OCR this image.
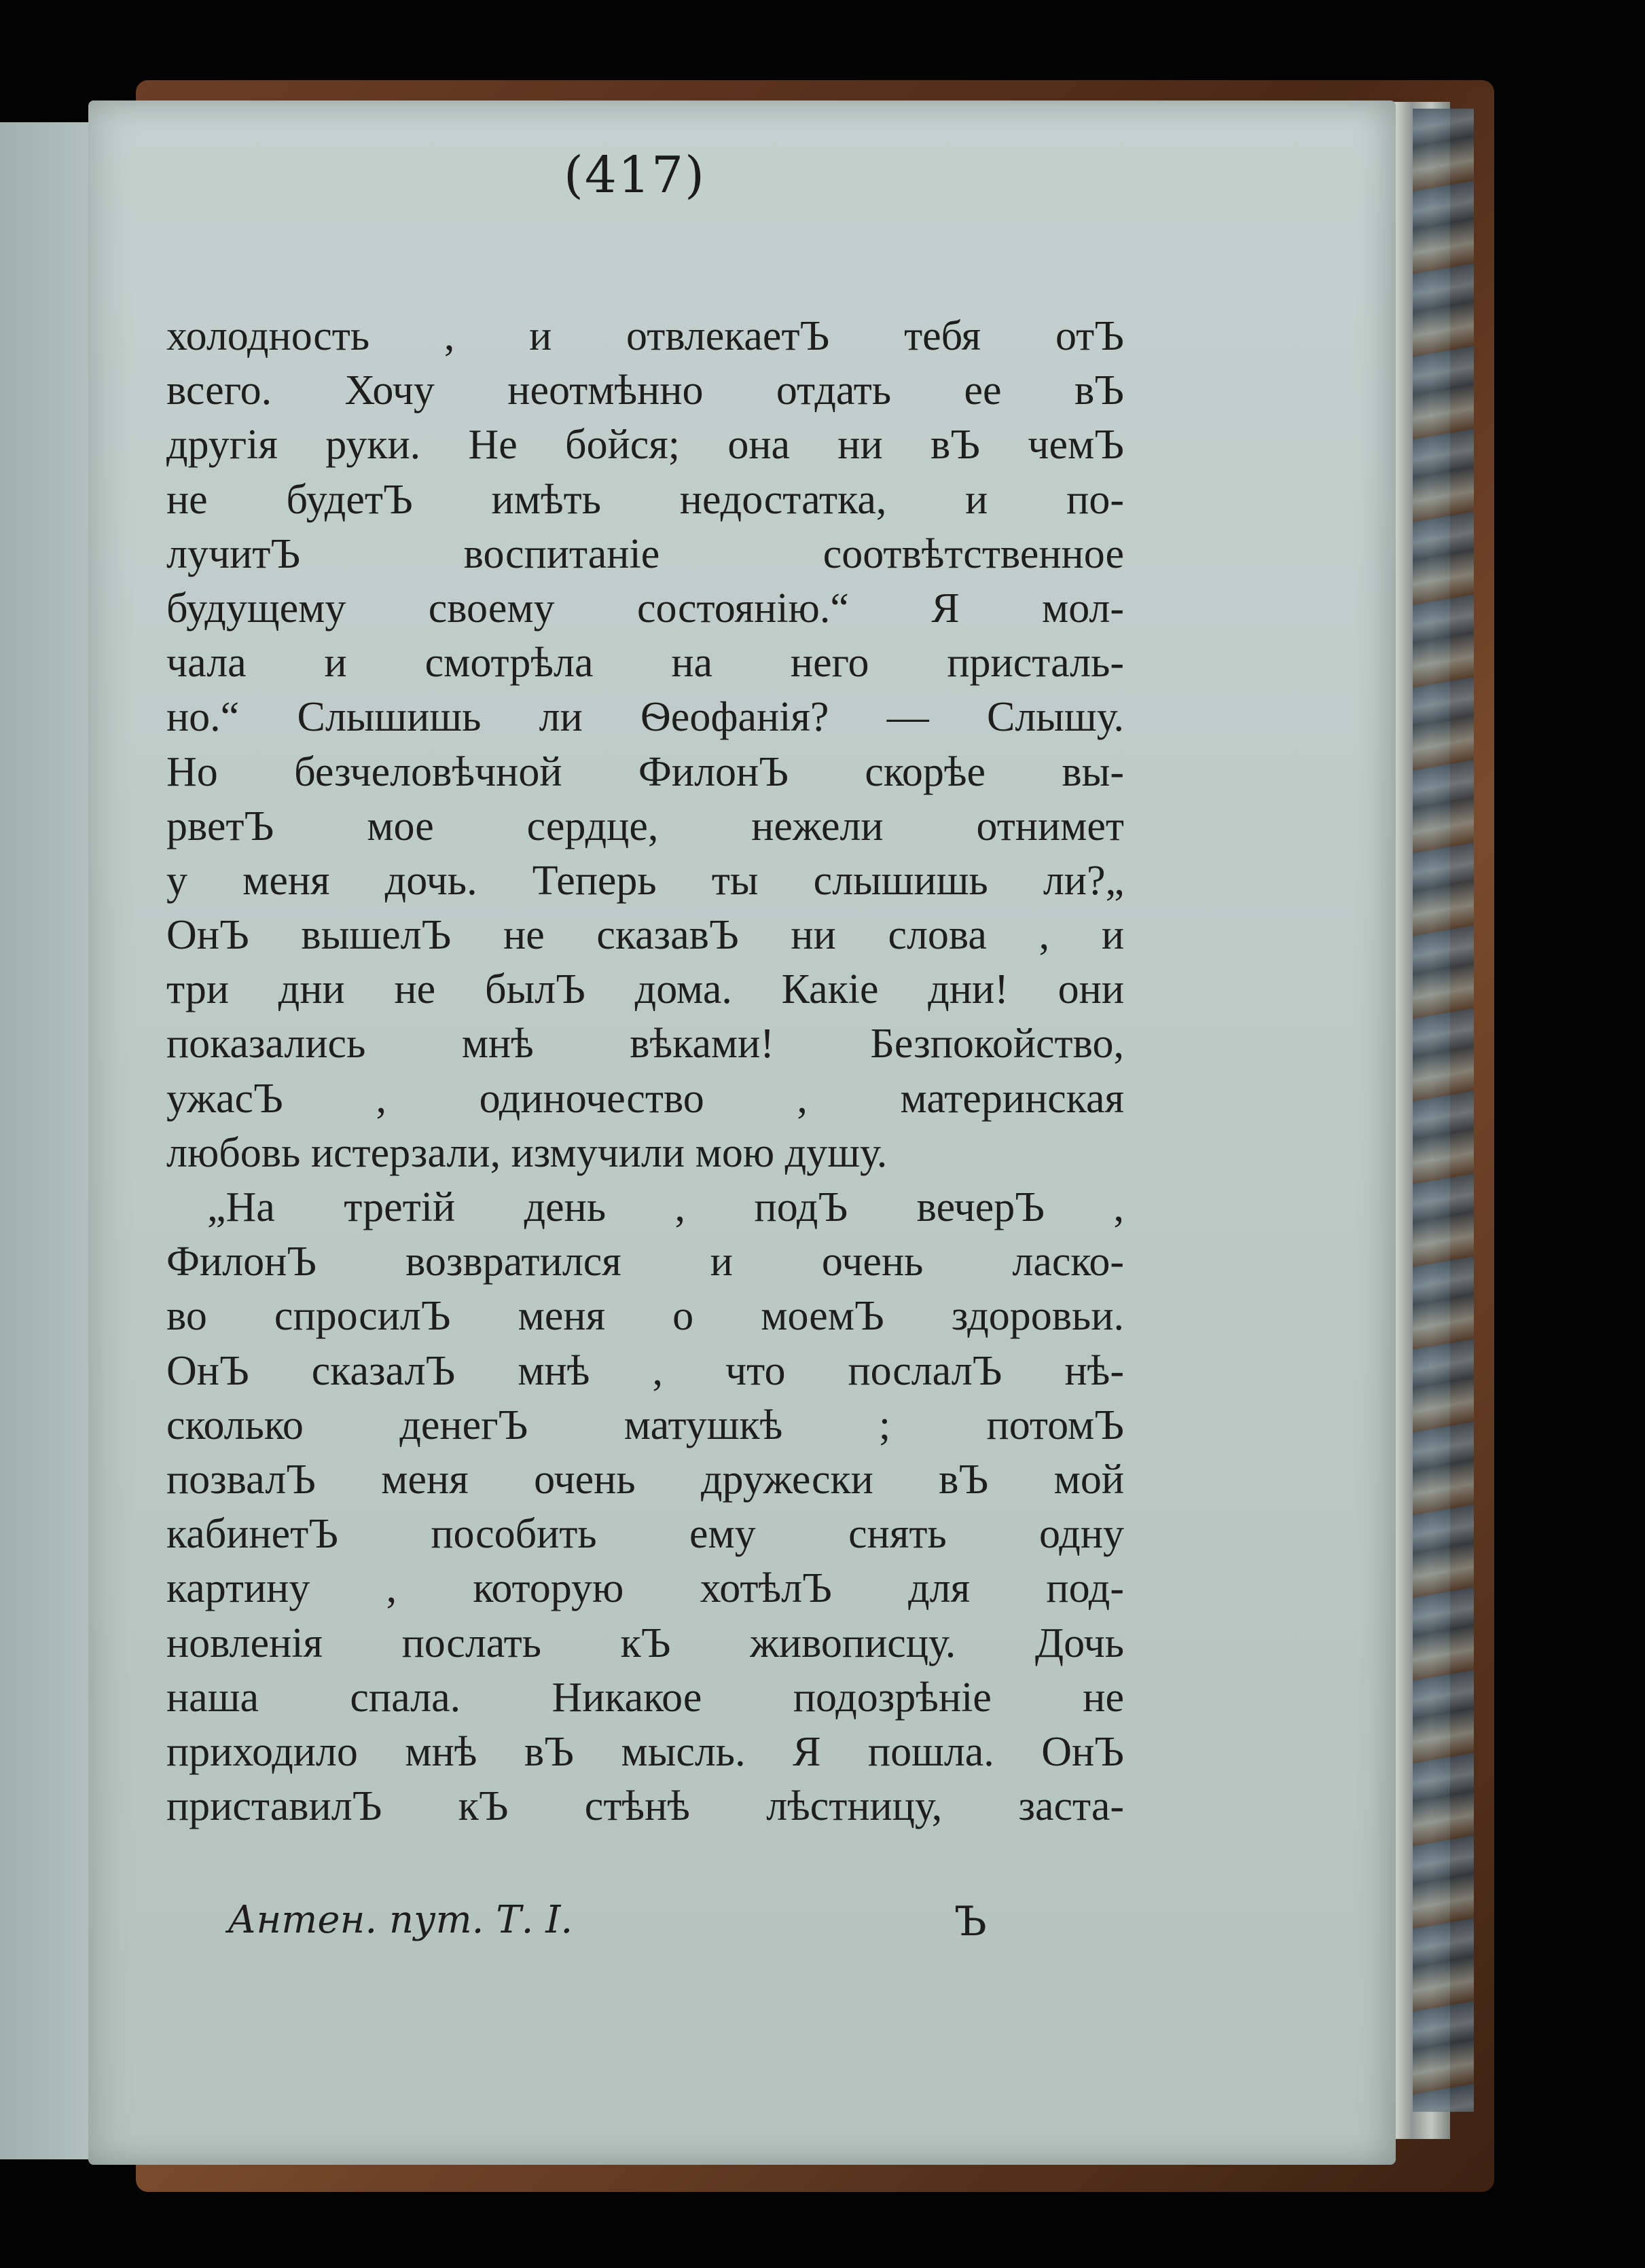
(417)
холодность , и отвлекаетЪ тебя отЪ
всего. Хочу неотмѣнно отдать ее вЪ
другія руки. Не бойся; она ни вЪ чемЪ
не будетЪ имѣть недостатка, и по-
лучитЪ воспитаніе соотвѣтственное
будущему своему состоянію.“ Я мол-
чала и смотрѣла на него присталь-
но.“ Слышишь ли Ѳеофанія? — Слышу.
Но безчеловѣчной ФилонЪ скорѣе вы-
рветЪ мое сердце, нежели отнимет
у меня дочь. Теперь ты слышишь ли?„
ОнЪ вышелЪ не сказавЪ ни слова , и
три дни не былЪ дома. Какіе дни! они
показались мнѣ вѣками! Безпокойство,
ужасЪ , одиночество , материнская
любовь истерзали, измучили мою душу.
„На третій день , подЪ вечерЪ ,
ФилонЪ возвратился и очень ласко-
во спросилЪ меня о моемЪ здоровьи.
ОнЪ сказалЪ мнѣ , что послалЪ нѣ-
сколько денегЪ матушкѣ ; потомЪ
позвалЪ меня очень дружески вЪ мой
кабинетЪ пособить ему снять одну
картину , которую хотѣлЪ для под-
новленія послать кЪ живописцу. Дочь
наша спала. Никакое подозрѣніе не
приходило мнѣ вЪ мысль. Я пошла. ОнЪ
приставилЪ кЪ стѣнѣ лѣстницу, заста-
Антен. пут. Т. I.	Ъ
